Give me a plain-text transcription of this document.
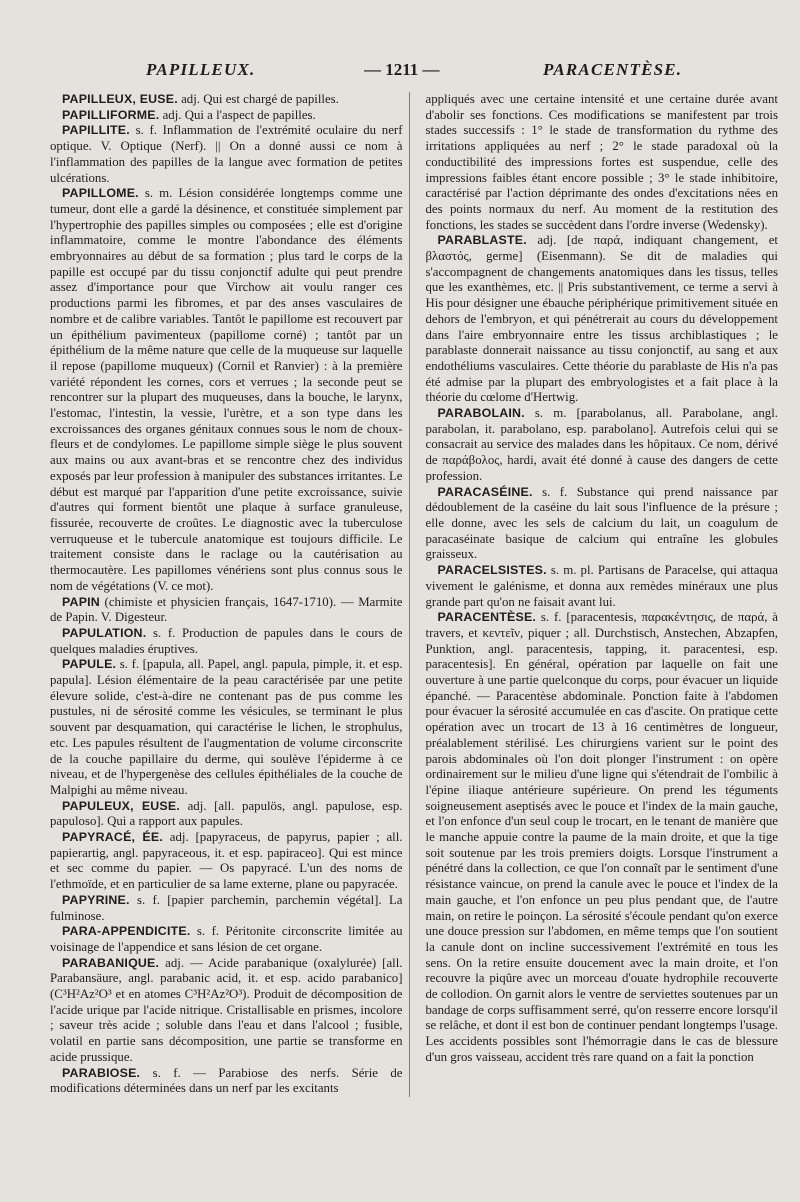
PAPILLEUX.	— 1211 —	PARACENTÈSE.

PAPILLEUX, EUSE. adj. Qui est chargé de papilles.

PAPILLIFORME. adj. Qui a l'aspect de papilles.

PAPILLITE. s. f. Inflammation de l'extrémité oculaire du nerf optique. V. Optique (Nerf). || On a donné aussi ce nom à l'inflammation des papilles de la langue avec formation de petites ulcérations.

PAPILLOME. s. m. Lésion considérée longtemps comme une tumeur, dont elle a gardé la désinence, et constituée simplement par l'hypertrophie des papilles simples ou composées ; elle est d'origine inflammatoire, comme le montre l'abondance des éléments embryonnaires au début de sa formation ; plus tard le corps de la papille est occupé par du tissu conjonctif adulte qui peut prendre assez d'importance pour que Virchow ait voulu ranger ces productions parmi les fibromes, et par des anses vasculaires de nombre et de calibre variables. Tantôt le papillome est recouvert par un épithélium pavimenteux (papillome corné) ; tantôt par un épithélium de la même nature que celle de la muqueuse sur laquelle il repose (papillome muqueux) (Cornil et Ranvier) : à la première variété répondent les cornes, cors et verrues ; la seconde peut se rencontrer sur la plupart des muqueuses, dans la bouche, le larynx, l'estomac, l'intestin, la vessie, l'urètre, et a son type dans les excroissances des organes génitaux connues sous le nom de choux-fleurs et de condylomes. Le papillome simple siège le plus souvent aux mains ou aux avant-bras et se rencontre chez des individus exposés par leur profession à manipuler des substances irritantes. Le début est marqué par l'apparition d'une petite excroissance, suivie d'autres qui forment bientôt une plaque à surface granuleuse, fissurée, recouverte de croûtes. Le diagnostic avec la tuberculose verruqueuse et le tubercule anatomique est toujours difficile. Le traitement consiste dans le raclage ou la cautérisation au thermocautère. Les papillomes vénériens sont plus connus sous le nom de végétations (V. ce mot).

PAPIN (chimiste et physicien français, 1647-1710). — Marmite de Papin. V. Digesteur.

PAPULATION. s. f. Production de papules dans le cours de quelques maladies éruptives.

PAPULE. s. f. [papula, all. Papel, angl. papula, pimple, it. et esp. papula]. Lésion élémentaire de la peau caractérisée par une petite élevure solide, c'est-à-dire ne contenant pas de pus comme les pustules, ni de sérosité comme les vésicules, se terminant le plus souvent par desquamation, qui caractérise le lichen, le strophulus, etc. Les papules résultent de l'augmentation de volume circonscrite de la couche papillaire du derme, qui soulève l'épiderme à ce niveau, et de l'hypergenèse des cellules épithéliales de la couche de Malpighi au même niveau.

PAPULEUX, EUSE. adj. [all. papulös, angl. papulose, esp. papuloso]. Qui a rapport aux papules.

PAPYRACÉ, ÉE. adj. [papyraceus, de papyrus, papier ; all. papierartig, angl. papyraceous, it. et esp. papiraceo]. Qui est mince et sec comme du papier. — Os papyracé. L'un des noms de l'ethmoïde, et en particulier de sa lame externe, plane ou papyracée.

PAPYRINE. s. f. [papier parchemin, parchemin végétal]. La fulminose.

PARA-APPENDICITE. s. f. Péritonite circonscrite limitée au voisinage de l'appendice et sans lésion de cet organe.

PARABANIQUE. adj. — Acide parabanique (oxalylurée) [all. Parabansäure, angl. parabanic acid, it. et esp. acido parabanico] (C³H²Az²O³ et en atomes C³H²Az²O³). Produit de décomposition de l'acide urique par l'acide nitrique. Cristallisable en prismes, incolore ; saveur très acide ; soluble dans l'eau et dans l'alcool ; fusible, volatil en partie sans décomposition, une partie se transforme en acide prussique.

PARABIOSE. s. f. — Parabiose des nerfs. Série de modifications déterminées dans un nerf par les excitants

appliqués avec une certaine intensité et une certaine durée avant d'abolir ses fonctions. Ces modifications se manifestent par trois stades successifs : 1° le stade de transformation du rythme des irritations appliquées au nerf ; 2° le stade paradoxal où la conductibilité des impressions fortes est suspendue, celle des impressions faibles étant encore possible ; 3° le stade inhibitoire, caractérisé par l'action déprimante des ondes d'excitations nées en des points normaux du nerf. Au moment de la restitution des fonctions, les stades se succèdent dans l'ordre inverse (Wedensky).

PARABLASTE. adj. [de παρά, indiquant changement, et βλαστός, germe] (Eisenmann). Se dit de maladies qui s'accompagnent de changements anatomiques dans les tissus, telles que les exanthèmes, etc. || Pris substantivement, ce terme a servi à His pour désigner une ébauche périphérique primitivement située en dehors de l'embryon, et qui pénétrerait au cours du développement dans l'aire embryonnaire entre les tissus archiblastiques ; le parablaste donnerait naissance au tissu conjonctif, au sang et aux endothéliums vasculaires. Cette théorie du parablaste de His n'a pas été admise par la plupart des embryologistes et a fait place à la théorie du cœlome d'Hertwig.

PARABOLAIN. s. m. [parabolanus, all. Parabolane, angl. parabolan, it. parabolano, esp. parabolano]. Autrefois celui qui se consacrait au service des malades dans les hôpitaux. Ce nom, dérivé de παράβολος, hardi, avait été donné à cause des dangers de cette profession.

PARACASÉINE. s. f. Substance qui prend naissance par dédoublement de la caséine du lait sous l'influence de la présure ; elle donne, avec les sels de calcium du lait, un coagulum de paracaséinate basique de calcium qui entraîne les globules graisseux.

PARACELSISTES. s. m. pl. Partisans de Paracelse, qui attaqua vivement le galénisme, et donna aux remèdes minéraux une plus grande part qu'on ne faisait avant lui.

PARACENTÈSE. s. f. [paracentesis, παρακέντησις, de παρά, à travers, et κεντεῖν, piquer ; all. Durchstisch, Anstechen, Abzapfen, Punktion, angl. paracentesis, tapping, it. paracentesi, esp. paracentesis]. En général, opération par laquelle on fait une ouverture à une partie quelconque du corps, pour évacuer un liquide épanché. — Paracentèse abdominale. Ponction faite à l'abdomen pour évacuer la sérosité accumulée en cas d'ascite. On pratique cette opération avec un trocart de 13 à 16 centimètres de longueur, préalablement stérilisé. Les chirurgiens varient sur le point des parois abdominales où l'on doit plonger l'instrument : on opère ordinairement sur le milieu d'une ligne qui s'étendrait de l'ombilic à l'épine iliaque antérieure supérieure. On prend les téguments soigneusement aseptisés avec le pouce et l'index de la main gauche, et l'on enfonce d'un seul coup le trocart, en le tenant de manière que le manche appuie contre la paume de la main droite, et que la tige soit soutenue par les trois premiers doigts. Lorsque l'instrument a pénétré dans la collection, ce que l'on connaît par le sentiment d'une résistance vaincue, on prend la canule avec le pouce et l'index de la main gauche, et l'on enfonce un peu plus pendant que, de l'autre main, on retire le poinçon. La sérosité s'écoule pendant qu'on exerce une douce pression sur l'abdomen, en même temps que l'on soutient la canule dont on incline successivement l'extrémité en tous les sens. On la retire ensuite doucement avec la main droite, et l'on recouvre la piqûre avec un morceau d'ouate hydrophile recouverte de collodion. On garnit alors le ventre de serviettes soutenues par un bandage de corps suffisamment serré, qu'on resserre encore lorsqu'il se relâche, et dont il est bon de continuer pendant longtemps l'usage. Les accidents possibles sont l'hémorragie dans le cas de blessure d'un gros vaisseau, accident très rare quand on a fait la ponction
